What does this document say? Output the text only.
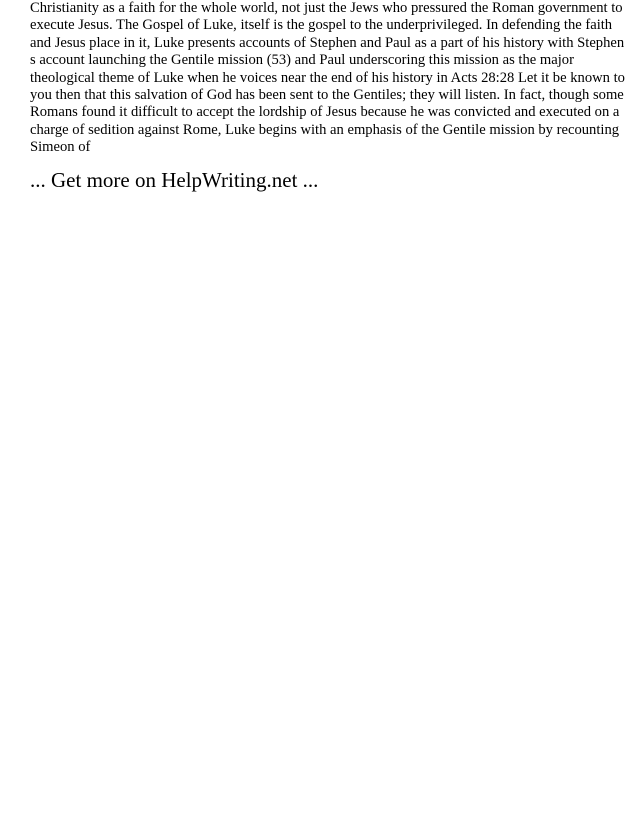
Christianity as a faith for the whole world, not just the Jews who pressured the Roman government to
execute Jesus. The Gospel of Luke, itself is the gospel to the underprivileged. In defending the faith
and Jesus place in it, Luke presents accounts of Stephen and Paul as a part of his history with Stephen
s account launching the Gentile mission (53) and Paul underscoring this mission as the major
theological theme of Luke when he voices near the end of his history in Acts 28:28 Let it be known to
you then that this salvation of God has been sent to the Gentiles; they will listen. In fact, though some
Romans found it difficult to accept the lordship of Jesus because he was convicted and executed on a
charge of sedition against Rome, Luke begins with an emphasis of the Gentile mission by recounting
Simeon of

... Get more on HelpWriting.net ...
